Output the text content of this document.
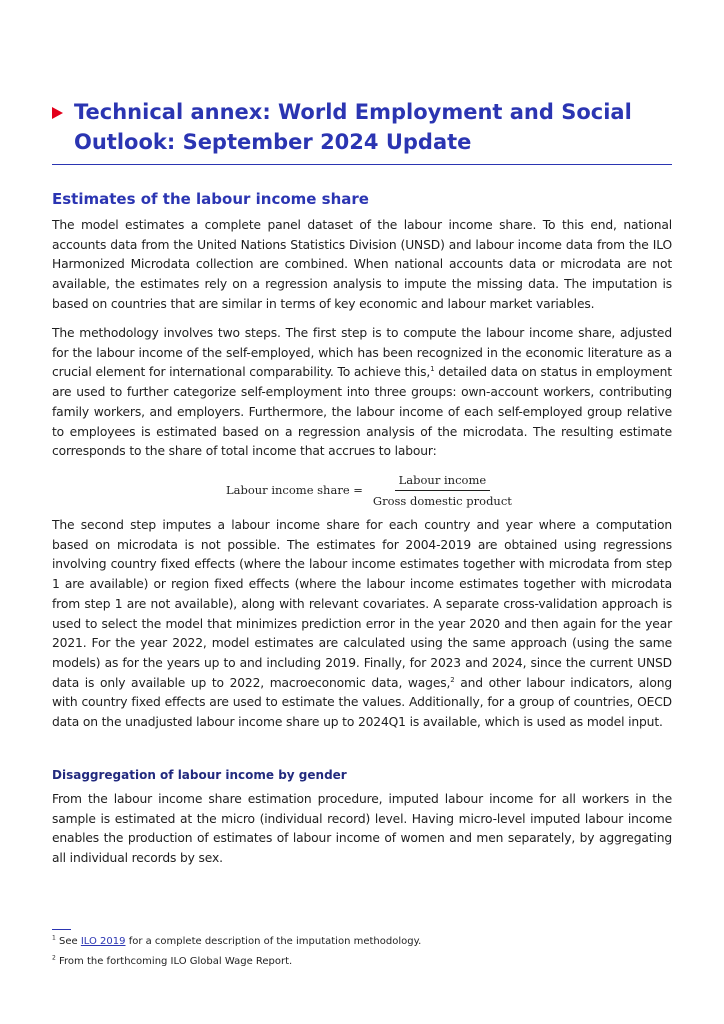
Technical annex: World Employment and Social Outlook: September 2024 Update
Estimates of the labour income share

The model estimates a complete panel dataset of the labour income share. To this end, national accounts data from the United Nations Statistics Division (UNSD) and labour income data from the ILO Harmonized Microdata collection are combined. When national accounts data or microdata are not available, the estimates rely on a regression analysis to impute the missing data. The imputation is based on countries that are similar in terms of key economic and labour market variables.

The methodology involves two steps. The first step is to compute the labour income share, adjusted for the labour income of the self-employed, which has been recognized in the economic literature as a crucial element for international comparability. To achieve this,$^1$ detailed data on status in employment are used to further categorize self-employment into three groups: own-account workers, contributing family workers, and employers. Furthermore, the labour income of each self-employed group relative to employees is estimated based on a regression analysis of the microdata. The resulting estimate corresponds to the share of total income that accrues to labour:

Labour income share = $\frac{\text{Labour income}}{\text{Gross domestic product}}$

The second step imputes a labour income share for each country and year where a computation based on microdata is not possible. The estimates for 2004-2019 are obtained using regressions involving country fixed effects (where the labour income estimates together with microdata from step 1 are available) or region fixed effects (where the labour income estimates together with microdata from step 1 are not available), along with relevant covariates. A separate cross-validation approach is used to select the model that minimizes prediction error in the year 2020 and then again for the year 2021. For the year 2022, model estimates are calculated using the same approach (using the same models) as for the years up to and including 2019. Finally, for 2023 and 2024, since the current UNSD data is only available up to 2022, macroeconomic data, wages,$^2$ and other labour indicators, along with country fixed effects are used to estimate the values. Additionally, for a group of countries, OECD data on the unadjusted labour income share up to 2024Q1 is available, which is used as model input.

Disaggregation of labour income by gender

From the labour income share estimation procedure, imputed labour income for all workers in the sample is estimated at the micro (individual record) level. Having micro-level imputed labour income enables the production of estimates of labour income of women and men separately, by aggregating all individual records by sex.

$^1$ See ILO 2019 for a complete description of the imputation methodology.

$^2$ From the forthcoming ILO Global Wage Report.
